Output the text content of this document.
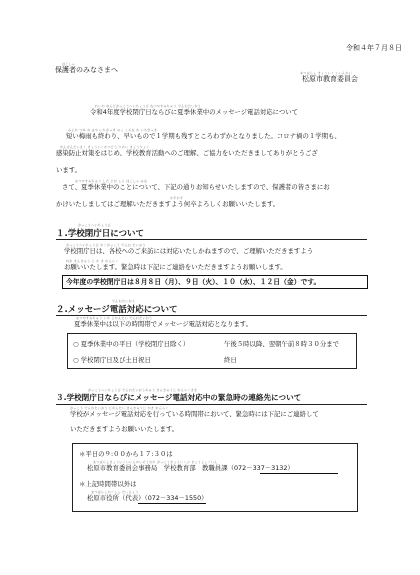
令和４年７月８日
ほごしゃ
保護者のみなさまへ	まつばらし きょういく いいんかい
松原市教育委員会
れいわ ねんどがっこうへいちょうび なつやすみちゅう でんわたいおう
令和4年度学校閉庁日ならびに夏季休業中のメッセージ電話対応について
みじか つゆ お はや いちがっき のこ ころな か いちがっき
短い梅雨も終わり、早いもので１学期も残すところわずかとなりました。コロナ禍の１学期も、
かんせんたいさく きょういくかつどう りかい きょうりょく
感染防止対策をはじめ、学校教育活動へのご理解、ご協力をいただきましてありがとうござ
います。
なつやすみちゅう した とお しら ほごしゃ みな
さて、夏季休業中のことについて、下記の通りお知らせいたしますので、保護者の皆さまにお
かずかず
かけいたしましてはご理解いただきますよう何卒よろしくお願いいたします。
がっこうへいちょうび
１.学校閉庁日について
がっこうへいちょうび かくがっこう でんわ たいおう
学校閉庁日は、各校へのご来訪には対応いたしかねますので、ご理解いただきますよう
ねが きんきゅう じ か き れんらく
お願いいたします。緊急時は下記にご連絡をいただきますようお願いします。
今年度の学校閉庁日は８月８日（月）、９日（火）、１０（水）、１２日（金）です。
でんわたいおう
２.メッセージ電話対応について
なつやすみちゅう いか じかんたい でんわたいおう
夏季休業中は以下の時間帯でメッセージ電話対応となります。
○ 夏季休業中の平日（学校閉庁日除く）	午後５時以降、翌朝午前８時３０分まで
○ 学校閉庁日及び土日祝日	終日
がっこうへいちょうび でんわたいおうちゅう きんきゅうじ れんらくさき
３.学校閉庁日ならびにメッセージ電話対応中の緊急時の連絡先について
がっこう でんわたいおう じかんたい きんきゅうじ かき れんらく
学校がメッセージ電話対応を行っている時間帯において、緊急時には下記にご連絡して
いただきますようお願いいたします。
＊平日の９:００から１７:３０は
まつばらしきょういくいいんかいそうむか がっこうきょういくぶ きょうしょくいん
松原市教育委員会事務局　学校教育部　教職員課（072－337－3132）
＊上記時間帯以外は
まつばらしやくしょ だいひょう
松原市役所（代表）（072－334－1550）
